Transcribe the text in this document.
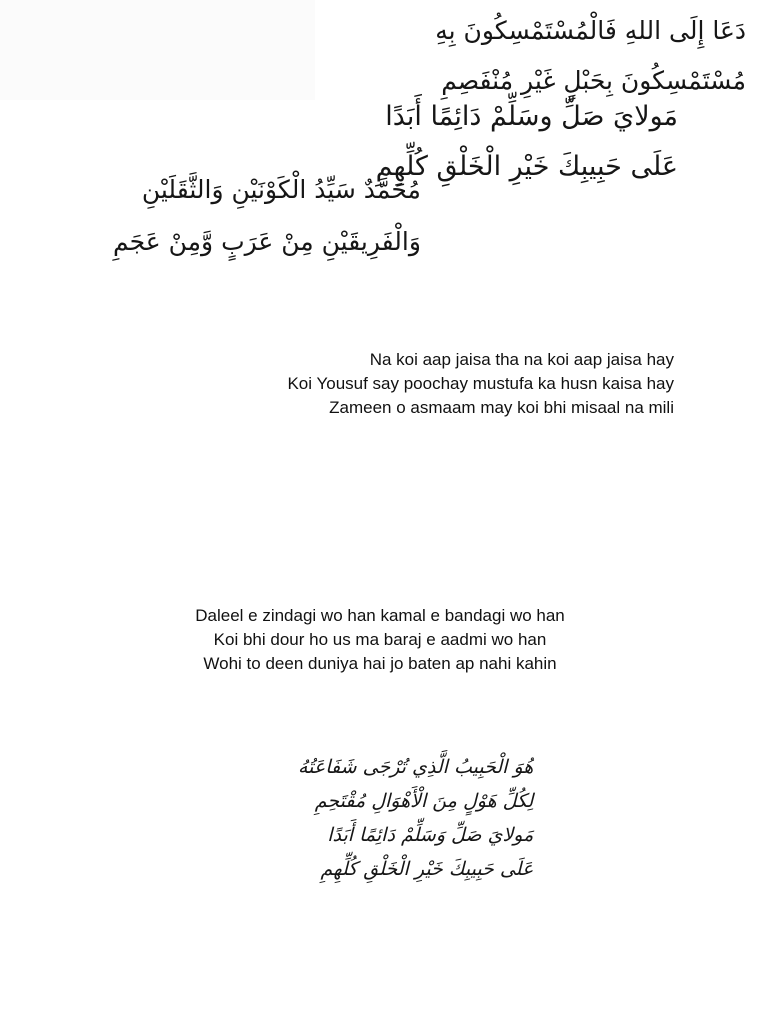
مَولايَ صَلِّ وسَلِّمْ دَائِمًا أَبَدًا
عَلَى حَبِيبِكَ خَيْرِ الْخَلْقِ كُلِّهِمِ
مُحَمَّدٌ سَيِّدُ الْكَوْنَيْنِ وَالثَّقَلَيْنِ
وَالْفَرِيقَيْنِ مِنْ عَرَبٍ وَّمِنْ عَجَمِ
Na koi aap jaisa tha na koi aap jaisa hay
Koi Yousuf say poochay mustufa ka husn kaisa hay
Zameen o asmaam may koi bhi misaal na mili
دَعَا إِلَى اللهِ فَالْمُسْتَمْسِكُونَ بِهِ
مُسْتَمْسِكُونَ بِحَبْلٍ غَيْرِ مُنْفَصِمِ
Daleel e zindagi wo han kamal e bandagi wo han
Koi bhi dour ho us ma baraj e aadmi wo han
Wohi to deen duniya hai jo baten ap nahi kahin
هُوَ الْحَبِيبُ الَّذِي تُرْجَى شَفَاعَتُهُ
لِكُلِّ هَوْلٍ مِنَ الْأَهْوَالِ مُقْتَحِمِ
مَولايَ صَلِّ وَسَلِّمْ دَائِمًا أَبَدًا
عَلَى حَبِيبِكَ خَيْرِ الْخَلْقِ كُلِّهِمِ
